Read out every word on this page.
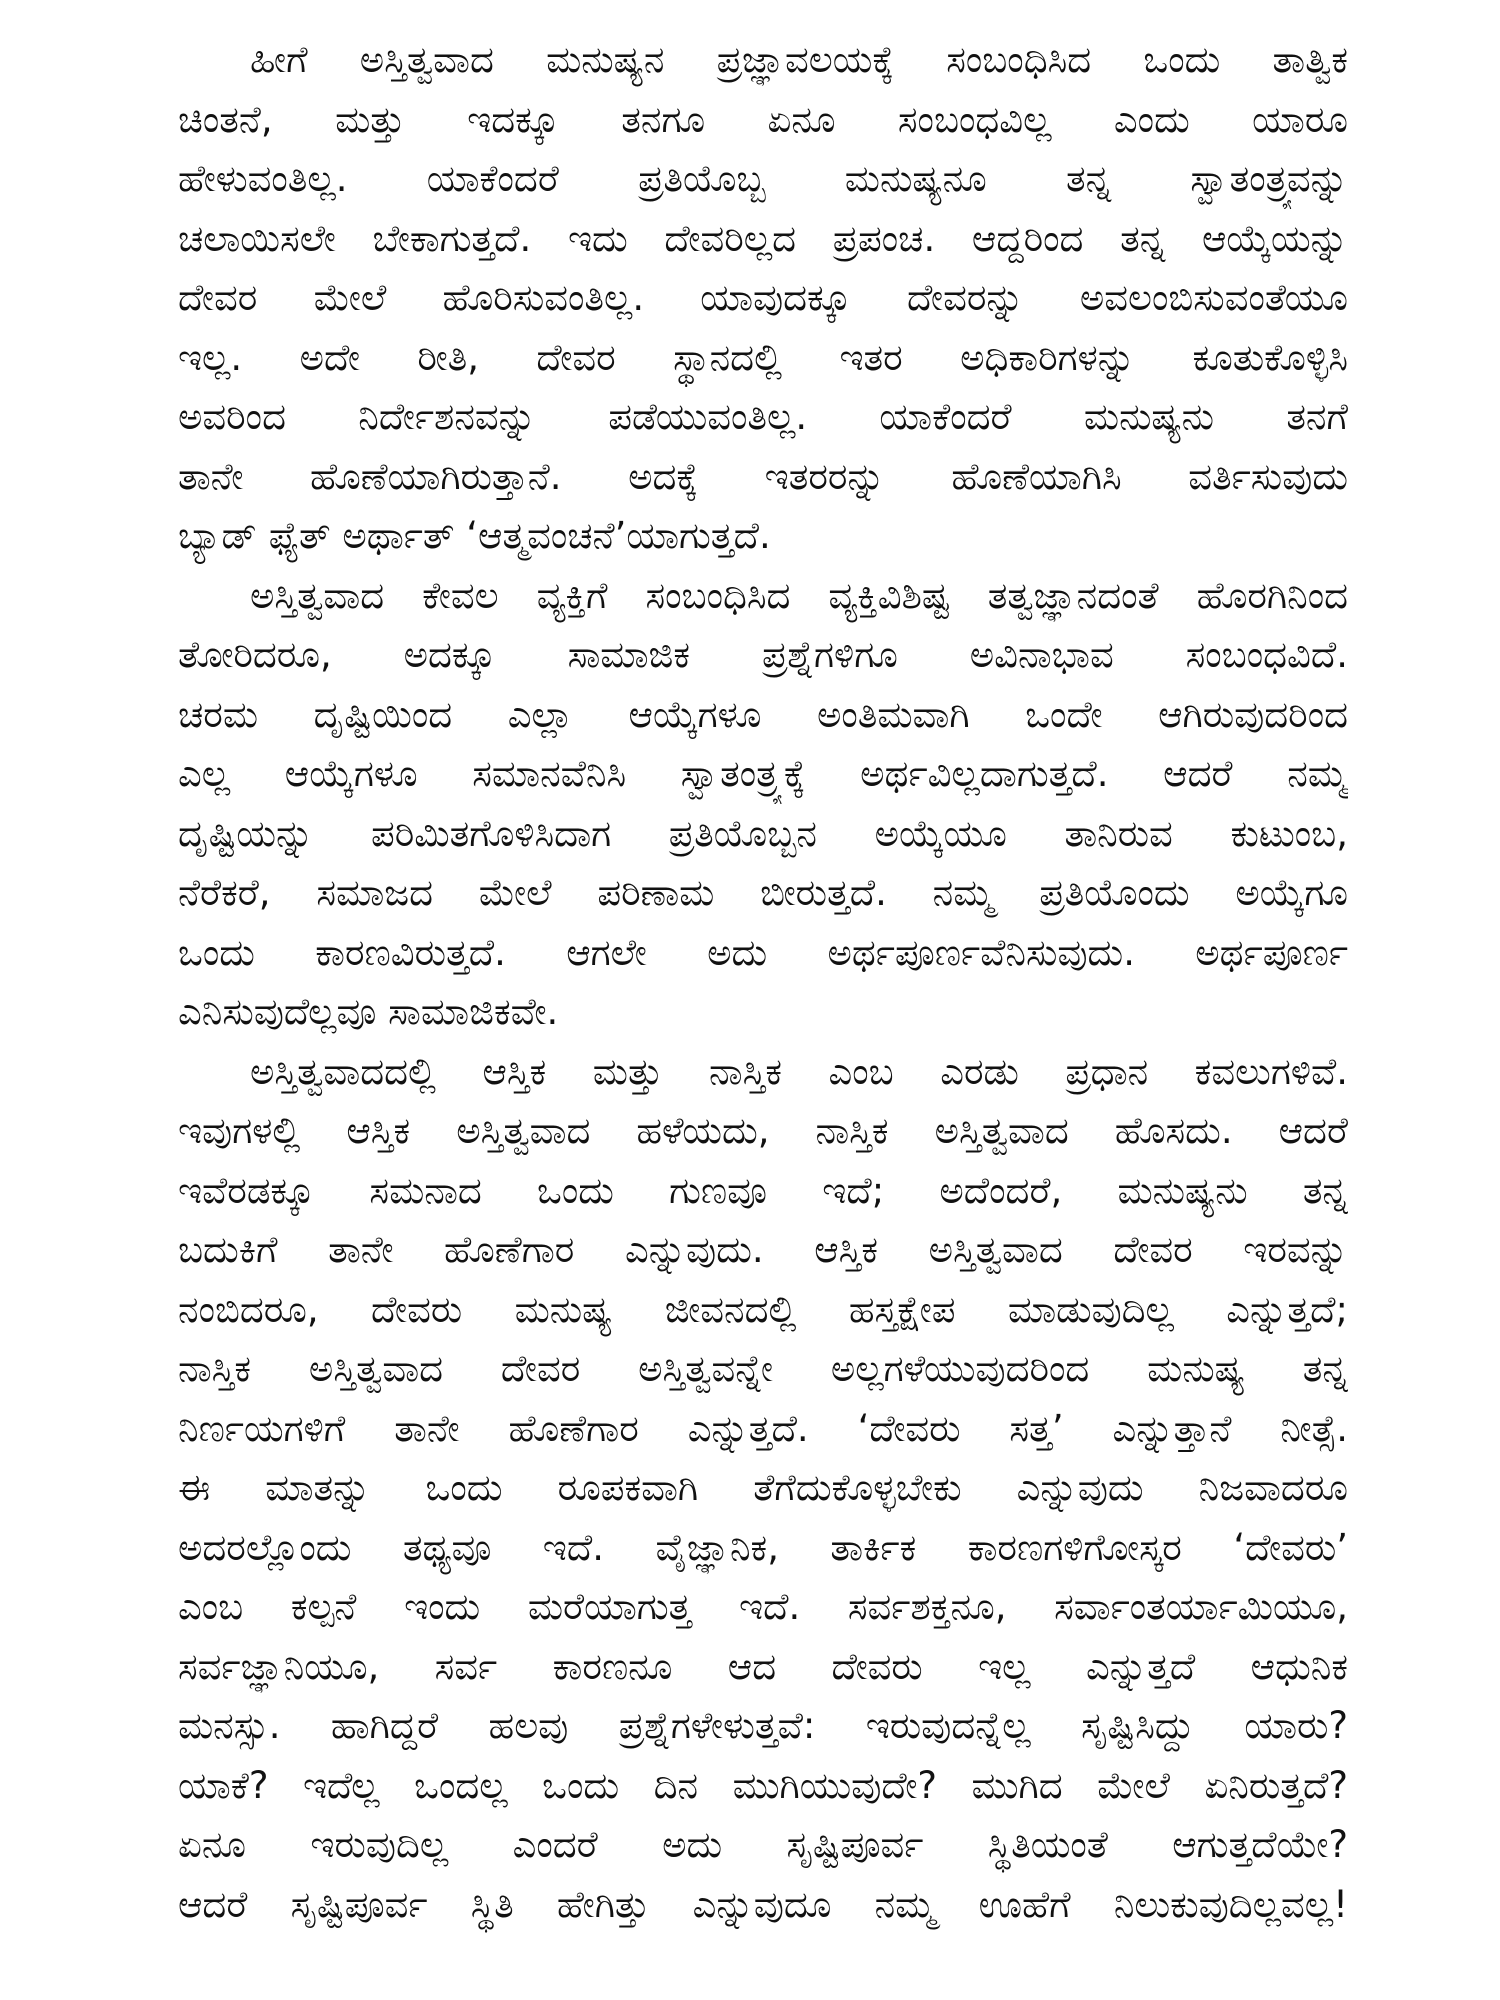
ಹೀಗೆ ಅಸ್ತಿತ್ವವಾದ ಮನುಷ್ಯನ ಪ್ರಜ್ಞಾವಲಯಕ್ಕೆ ಸಂಬಂಧಿಸಿದ ಒಂದು ತಾತ್ವಿಕ
ಚಿಂತನೆ, ಮತ್ತು ಇದಕ್ಕೂ ತನಗೂ ಏನೂ ಸಂಬಂಧವಿಲ್ಲ ಎಂದು ಯಾರೂ
ಹೇಳುವಂತಿಲ್ಲ. ಯಾಕೆಂದರೆ ಪ್ರತಿಯೊಬ್ಬ ಮನುಷ್ಯನೂ ತನ್ನ ಸ್ವಾತಂತ್ರ್ಯವನ್ನು
ಚಲಾಯಿಸಲೇ ಬೇಕಾಗುತ್ತದೆ. ಇದು ದೇವರಿಲ್ಲದ ಪ್ರಪಂಚ. ಆದ್ದರಿಂದ ತನ್ನ ಆಯ್ಕೆಯನ್ನು
ದೇವರ ಮೇಲೆ ಹೊರಿಸುವಂತಿಲ್ಲ. ಯಾವುದಕ್ಕೂ ದೇವರನ್ನು ಅವಲಂಬಿಸುವಂತೆಯೂ
ಇಲ್ಲ. ಅದೇ ರೀತಿ, ದೇವರ ಸ್ಥಾನದಲ್ಲಿ ಇತರ ಅಧಿಕಾರಿಗಳನ್ನು ಕೂತುಕೊಳ್ಳಿಸಿ
ಅವರಿಂದ ನಿರ್ದೇಶನವನ್ನು ಪಡೆಯುವಂತಿಲ್ಲ. ಯಾಕೆಂದರೆ ಮನುಷ್ಯನು ತನಗೆ
ತಾನೇ ಹೊಣೆಯಾಗಿರುತ್ತಾನೆ. ಅದಕ್ಕೆ ಇತರರನ್ನು ಹೊಣೆಯಾಗಿಸಿ ವರ್ತಿಸುವುದು
ಬ್ಯಾಡ್ ಫ್ಯೆತ್ ಅರ್ಥಾತ್ ‘ಆತ್ಮವಂಚನೆ’ಯಾಗುತ್ತದೆ.
ಅಸ್ತಿತ್ವವಾದ ಕೇವಲ ವ್ಯಕ್ತಿಗೆ ಸಂಬಂಧಿಸಿದ ವ್ಯಕ್ತಿವಿಶಿಷ್ಟ ತತ್ವಜ್ಞಾನದಂತೆ ಹೊರಗಿನಿಂದ
ತೋರಿದರೂ, ಅದಕ್ಕೂ ಸಾಮಾಜಿಕ ಪ್ರಶ್ನೆಗಳಿಗೂ ಅವಿನಾಭಾವ ಸಂಬಂಧವಿದೆ.
ಚರಮ ದೃಷ್ಟಿಯಿಂದ ಎಲ್ಲಾ ಆಯ್ಕೆಗಳೂ ಅಂತಿಮವಾಗಿ ಒಂದೇ ಆಗಿರುವುದರಿಂದ
ಎಲ್ಲ ಆಯ್ಕೆಗಳೂ ಸಮಾನವೆನಿಸಿ ಸ್ವಾತಂತ್ರ್ಯಕ್ಕೆ ಅರ್ಥವಿಲ್ಲದಾಗುತ್ತದೆ. ಆದರೆ ನಮ್ಮ
ದೃಷ್ಟಿಯನ್ನು ಪರಿಮಿತಗೊಳಿಸಿದಾಗ ಪ್ರತಿಯೊಬ್ಬನ ಅಯ್ಕೆಯೂ ತಾನಿರುವ ಕುಟುಂಬ,
ನೆರೆಕರೆ, ಸಮಾಜದ ಮೇಲೆ ಪರಿಣಾಮ ಬೀರುತ್ತದೆ. ನಮ್ಮ ಪ್ರತಿಯೊಂದು ಅಯ್ಕೆಗೂ
ಒಂದು ಕಾರಣವಿರುತ್ತದೆ. ಆಗಲೇ ಅದು ಅರ್ಥಪೂರ್ಣವೆನಿಸುವುದು. ಅರ್ಥಪೂರ್ಣ
ಎನಿಸುವುದೆಲ್ಲವೂ ಸಾಮಾಜಿಕವೇ.
ಅಸ್ತಿತ್ವವಾದದಲ್ಲಿ ಆಸ್ತಿಕ ಮತ್ತು ನಾಸ್ತಿಕ ಎಂಬ ಎರಡು ಪ್ರಧಾನ ಕವಲುಗಳಿವೆ.
ಇವುಗಳಲ್ಲಿ ಆಸ್ತಿಕ ಅಸ್ತಿತ್ವವಾದ ಹಳೆಯದು, ನಾಸ್ತಿಕ ಅಸ್ತಿತ್ವವಾದ ಹೊಸದು. ಆದರೆ
ಇವೆರಡಕ್ಕೂ ಸಮನಾದ ಒಂದು ಗುಣವೂ ಇದೆ; ಅದೆಂದರೆ, ಮನುಷ್ಯನು ತನ್ನ
ಬದುಕಿಗೆ ತಾನೇ ಹೊಣೆಗಾರ ಎನ್ನುವುದು. ಆಸ್ತಿಕ ಅಸ್ತಿತ್ವವಾದ ದೇವರ ಇರವನ್ನು
ನಂಬಿದರೂ, ದೇವರು ಮನುಷ್ಯ ಜೀವನದಲ್ಲಿ ಹಸ್ತಕ್ಷೇಪ ಮಾಡುವುದಿಲ್ಲ ಎನ್ನುತ್ತದೆ;
ನಾಸ್ತಿಕ ಅಸ್ತಿತ್ವವಾದ ದೇವರ ಅಸ್ತಿತ್ವವನ್ನೇ ಅಲ್ಲಗಳೆಯುವುದರಿಂದ ಮನುಷ್ಯ ತನ್ನ
ನಿರ್ಣಯಗಳಿಗೆ ತಾನೇ ಹೊಣೆಗಾರ ಎನ್ನುತ್ತದೆ. ‘ದೇವರು ಸತ್ತ’ ಎನ್ನುತ್ತಾನೆ ನೀತ್ಸೆ.
ಈ ಮಾತನ್ನು ಒಂದು ರೂಪಕವಾಗಿ ತೆಗೆದುಕೊಳ್ಳಬೇಕು ಎನ್ನುವುದು ನಿಜವಾದರೂ
ಅದರಲ್ಲೊಂದು ತಥ್ಯವೂ ಇದೆ. ವೈಜ್ಞಾನಿಕ, ತಾರ್ಕಿಕ ಕಾರಣಗಳಿಗೋಸ್ಕರ ‘ದೇವರು’
ಎಂಬ ಕಲ್ಪನೆ ಇಂದು ಮರೆಯಾಗುತ್ತ ಇದೆ. ಸರ್ವಶಕ್ತನೂ, ಸರ್ವಾಂತರ್ಯಾಮಿಯೂ,
ಸರ್ವಜ್ಞಾನಿಯೂ, ಸರ್ವ ಕಾರಣನೂ ಆದ ದೇವರು ಇಲ್ಲ ಎನ್ನುತ್ತದೆ ಆಧುನಿಕ
ಮನಸ್ಸು. ಹಾಗಿದ್ದರೆ ಹಲವು ಪ್ರಶ್ನೆಗಳೇಳುತ್ತವೆ: ಇರುವುದನ್ನೆಲ್ಲ ಸೃಷ್ಟಿಸಿದ್ದು ಯಾರು?
ಯಾಕೆ? ಇದೆಲ್ಲ ಒಂದಲ್ಲ ಒಂದು ದಿನ ಮುಗಿಯುವುದೇ? ಮುಗಿದ ಮೇಲೆ ಏನಿರುತ್ತದೆ?
ಏನೂ ಇರುವುದಿಲ್ಲ ಎಂದರೆ ಅದು ಸೃಷ್ಟಿಪೂರ್ವ ಸ್ಥಿತಿಯಂತೆ ಆಗುತ್ತದೆಯೇ?
ಆದರೆ ಸೃಷ್ಟಿಪೂರ್ವ ಸ್ಥಿತಿ ಹೇಗಿತ್ತು ಎನ್ನುವುದೂ ನಮ್ಮ ಊಹೆಗೆ ನಿಲುಕುವುದಿಲ್ಲವಲ್ಲ!
